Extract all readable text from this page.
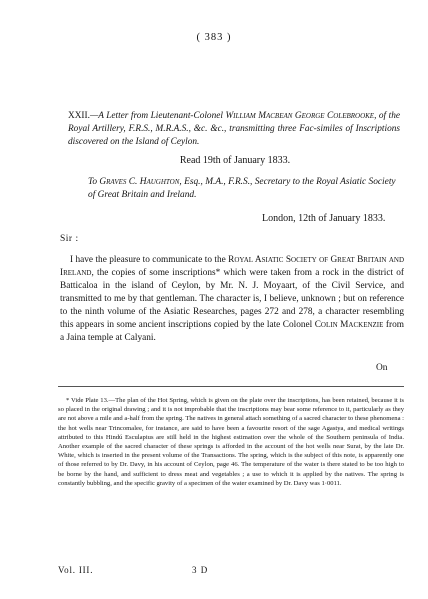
( 383 )
XXII.—A Letter from Lieutenant-Colonel William Macbean George Colebrooke, of the Royal Artillery, F.R.S., M.R.A.S., &c. &c., transmitting three Fac-similes of Inscriptions discovered on the Island of Ceylon.
Read 19th of January 1833.
To Graves C. Haughton, Esq., M.A., F.R.S., Secretary to the Royal Asiatic Society of Great Britain and Ireland.
London, 12th of January 1833.
Sir :
I have the pleasure to communicate to the Royal Asiatic Society of Great Britain and Ireland, the copies of some inscriptions* which were taken from a rock in the district of Batticaloa in the island of Ceylon, by Mr. N. J. Moyaart, of the Civil Service, and transmitted to me by that gentleman. The character is, I believe, unknown ; but on reference to the ninth volume of the Asiatic Researches, pages 272 and 278, a character resembling this appears in some ancient inscriptions copied by the late Colonel Colin Mackenzie from a Jaina temple at Calyani.
On
* Vide Plate 13.—The plan of the Hot Spring, which is given on the plate over the inscriptions, has been retained, because it is so placed in the original drawing ; and it is not improbable that the inscriptions may bear some reference to it, particularly as they are not above a mile and a-half from the spring. The natives in general attach something of a sacred character to these phenomena : the hot wells near Trincomalee, for instance, are said to have been a favourite resort of the sage Agastya, and medical writings attributed to this Hindú Esculapius are still held in the highest estimation over the whole of the Southern peninsula of India. Another example of the sacred character of these springs is afforded in the account of the hot wells near Surat, by the late Dr. White, which is inserted in the present volume of the Transactions. The spring, which is the subject of this note, is apparently one of those referred to by Dr. Davy, in his account of Ceylon, page 46. The temperature of the water is there stated to be too high to be borne by the hand, and sufficient to dress meat and vegetables ; a use to which it is applied by the natives. The spring is constantly bubbling, and the specific gravity of a specimen of the water examined by Dr. Davy was 1·0011.
Vol. III.	3 D
